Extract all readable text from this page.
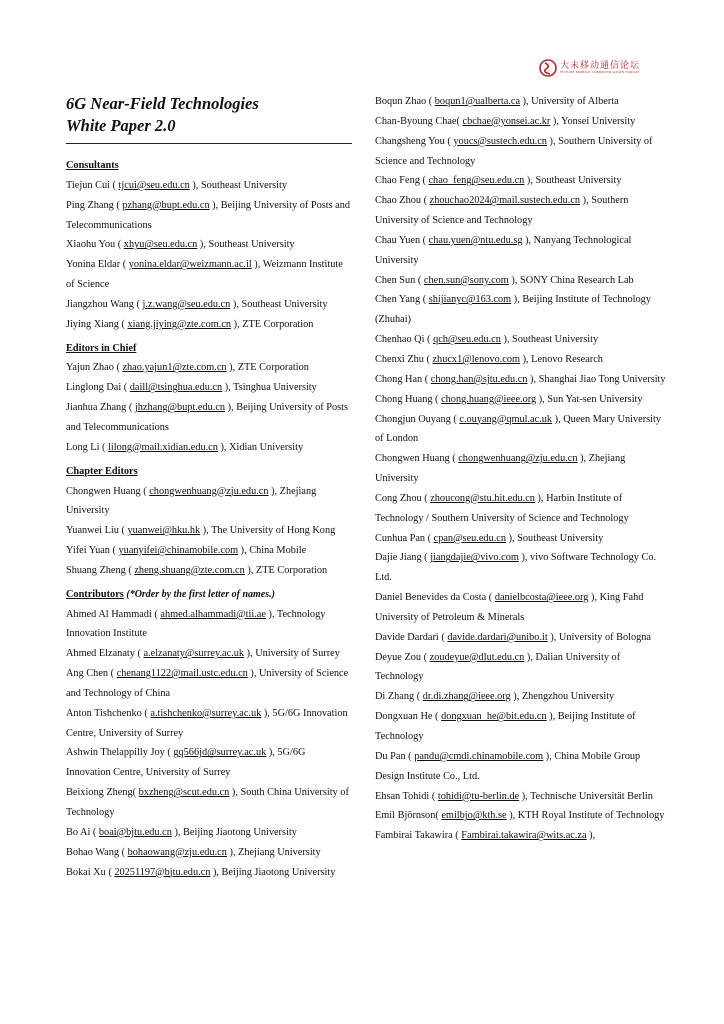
大未移动通信论坛
FUTURE MOBILE COMMUNICATION FORUM
6G Near-Field Technologies
White Paper 2.0
Consultants

Tiejun Cui ( tjcui@seu.edu.cn ), Southeast University

Ping Zhang ( pzhang@bupt.edu.cn ), Beijing University of Posts and Telecommunications

Xiaohu You ( xhyu@seu.edu.cn ), Southeast University

Yonina Eldar ( yonina.eldar@weizmann.ac.il ), Weizmann Institute of Science

Jiangzhou Wang ( j.z.wang@seu.edu.cn ), Southeast University

Jiying Xiang ( xiang.jiying@zte.com.cn ), ZTE Corporation

Editors in Chief

Yajun Zhao ( zhao.yajun1@zte.com.cn ), ZTE Corporation

Linglong Dai ( daill@tsinghua.edu.cn ), Tsinghua University

Jianhua Zhang ( jhzhang@bupt.edu.cn ), Beijing University of Posts and Telecommunications

Long Li ( lilong@mail.xidian.edu.cn ), Xidian University

Chapter Editors

Chongwen Huang ( chongwenhuang@zju.edu.cn ), Zhejiang University

Yuanwei Liu ( yuanwei@hku.hk ), The University of Hong Kong

Yifei Yuan ( yuanyifei@chinamobile.com ), China Mobile

Shuang Zheng ( zheng.shuang@zte.com.cn ), ZTE Corporation

Contributors (*Order by the first letter of names.)

Ahmed Al Hammadi ( ahmed.alhammadi@tii.ae ), Technology Innovation Institute

Ahmed Elzanaty ( a.elzanaty@surrey.ac.uk ), University of Surrey

Ang Chen ( chenang1122@mail.ustc.edu.cn ), University of Science and Technology of China

Anton Tishchenko ( a.tishchenko@surrey.ac.uk ), 5G/6G Innovation Centre, University of Surrey

Ashwin Thelappilly Joy ( gq566jd@surrey.ac.uk ), 5G/6G Innovation Centre, University of Surrey

Beixiong Zheng( bxzheng@scut.edu.cn ), South China University of Technology

Bo Ai ( boai@bjtu.edu.cn ), Beijing Jiaotong University

Bohao Wang ( bohaowang@zju.edu.cn ), Zhejiang University

Bokai Xu ( 20251197@bjtu.edu.cn ), Beijing Jiaotong University

Boqun Zhao ( boqun1@ualberta.ca ), University of Alberta

Chan-Byoung Chae( cbchae@yonsei.ac.kr ), Yonsei University

Changsheng You ( youcs@sustech.edu.cn ), Southern University of Science and Technology

Chao Feng ( chao_feng@seu.edu.cn ), Southeast University

Chao Zhou ( zhouchao2024@mail.sustech.edu.cn ), Southern University of Science and Technology

Chau Yuen ( chau.yuen@ntu.edu.sg ), Nanyang Technological University

Chen Sun ( chen.sun@sony.com ), SONY China Research Lab

Chen Yang ( shijianyc@163.com ), Beijing Institute of Technology (Zhuhai)

Chenhao Qi ( qch@seu.edu.cn ), Southeast University

Chenxi Zhu ( zhucx1@lenovo.com ), Lenovo Research

Chong Han ( chong.han@sjtu.edu.cn ), Shanghai Jiao Tong University

Chong Huang ( chong.huang@ieee.org ), Sun Yat-sen University

Chongjun Ouyang ( c.ouyang@qmul.ac.uk ), Queen Mary University of London

Chongwen Huang ( chongwenhuang@zju.edu.cn ), Zhejiang University

Cong Zhou ( zhoucong@stu.hit.edu.cn ), Harbin Institute of Technology / Southern University of Science and Technology

Cunhua Pan ( cpan@seu.edu.cn ), Southeast University

Dajie Jiang ( jiangdajie@vivo.com ), vivo Software Technology Co. Ltd.

Daniel Benevides da Costa ( danielbcosta@ieee.org ), King Fahd University of Petroleum & Minerals

Davide Dardari ( davide.dardari@unibo.it ), University of Bologna

Deyue Zou ( zoudeyue@dlut.edu.cn ), Dalian University of Technology

Di Zhang ( dr.di.zhang@ieee.org ), Zhengzhou University

Dongxuan He ( dongxuan_he@bit.edu.cn ), Beijing Institute of Technology

Du Pan ( pandu@cmdi.chinamobile.com ), China Mobile Group Design Institute Co., Ltd.

Ehsan Tohidi ( tohidi@tu-berlin.de ), Technische Universität Berlin

Emil Björnson( emilbjo@kth.se ), KTH Royal Institute of Technology

Fambirai Takawira ( Fambirai.takawira@wits.ac.za ),
